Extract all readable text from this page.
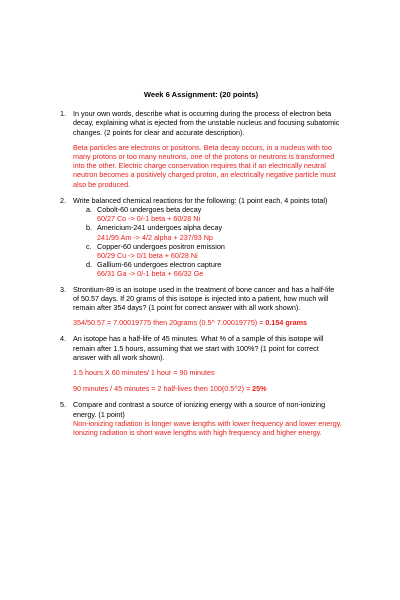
Week 6 Assignment: (20 points)
1. In your own words, describe what is occurring during the process of electron beta decay, explaining what is ejected from the unstable nucleus and focusing subatomic changes. (2 points for clear and accurate description).

Beta particles are electrons or positrons. Beta decay occurs, in a nucleus with too many protons or too many neutrons, one of the protons or neutrons is transformed into the other. Electric charge conservation requires that if an electrically neutral neutron becomes a positively charged proton, an electrically negative particle must also be produced.

2. Write balanced chemical reactions for the following: (1 point each, 4 points total)
a. Cobolt-60 undergoes beta decay
60/27 Co -> 0/-1 beta + 60/28 Ni
b. Americium-241 undergoes alpha decay
241/95 Am -> 4/2 alpha + 237/93 Np
c. Copper-60 undergoes positron emission
60/29 Cu -> 0/1 beta + 60/28 Ni
d. Gallium-66 undergoes electron capture
66/31 Ga -> 0/-1 beta + 66/32 Ge
3. Strontium-89 is an isotope used in the treatment of bone cancer and has a half-life of 50.57 days. If 20 grams of this isotope is injected into a patient, how much will remain after 354 days? (1 point for correct answer with all work shown).

354/50.57 = 7.00019775 then 20grams (0.5^ 7.00019775) = 0.154 grams

4. An isotope has a half-life of 45 minutes. What % of a sample of this isotope will remain after 1.5 hours, assuming that we start with 100%? (1 point for correct answer with all work shown).

1.5 hours X 60 minutes/ 1 hour = 90 minutes

90 minutes / 45 minutes = 2 half-lives then 100(0.5^2) = 25%

5. Compare and contrast a source of ionizing energy with a source of non-ionizing energy. (1 point)
Non-ionizing radiation is longer wave lengths with lower frequency and lower energy. Ionizing radiation is short wave lengths with high frequency and higher energy.
